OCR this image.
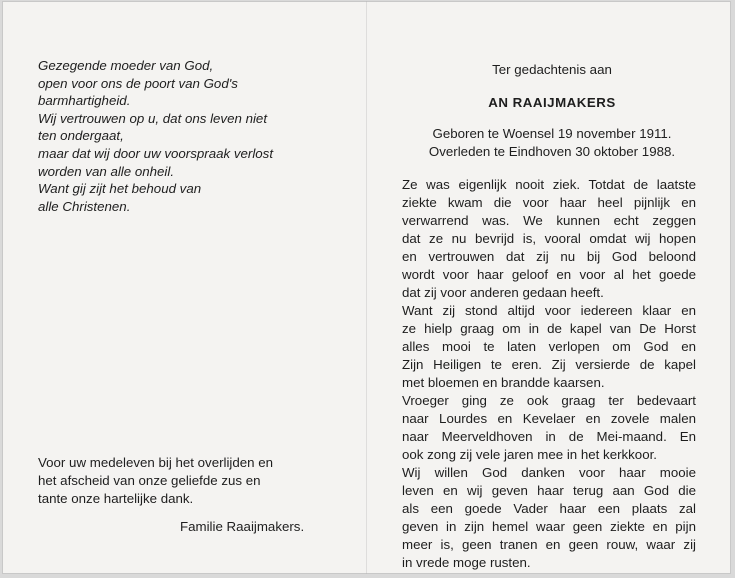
Gezegende moeder van God,
open voor ons de poort van God's
barmhartigheid.
Wij vertrouwen op u, dat ons leven niet
ten ondergaat,
maar dat wij door uw voorspraak verlost
worden van alle onheil.
Want gij zijt het behoud van
alle Christenen.
Voor uw medeleven bij het overlijden en
het afscheid van onze geliefde zus en
tante onze hartelijke dank.
Familie Raaijmakers.
Ter gedachtenis aan
AN RAAIJMAKERS
Geboren te Woensel 19 november 1911.
Overleden te Eindhoven 30 oktober 1988.
Ze was eigenlijk nooit ziek. Totdat de laatste
ziekte kwam die voor haar heel pijnlijk en
verwarrend was. We kunnen echt zeggen
dat ze nu bevrijd is, vooral omdat wij hopen
en vertrouwen dat zij nu bij God beloond
wordt voor haar geloof en voor al het goede
dat zij voor anderen gedaan heeft.
Want zij stond altijd voor iedereen klaar en
ze hielp graag om in de kapel van De Horst
alles mooi te laten verlopen om God en
Zijn Heiligen te eren. Zij versierde de kapel
met bloemen en brandde kaarsen.
Vroeger ging ze ook graag ter bedevaart
naar Lourdes en Kevelaer en zovele malen
naar Meerveldhoven in de Mei-maand. En
ook zong zij vele jaren mee in het kerkkoor.
Wij willen God danken voor haar mooie
leven en wij geven haar terug aan God die
als een goede Vader haar een plaats zal
geven in zijn hemel waar geen ziekte en pijn
meer is, geen tranen en geen rouw, waar zij
in vrede moge rusten.
